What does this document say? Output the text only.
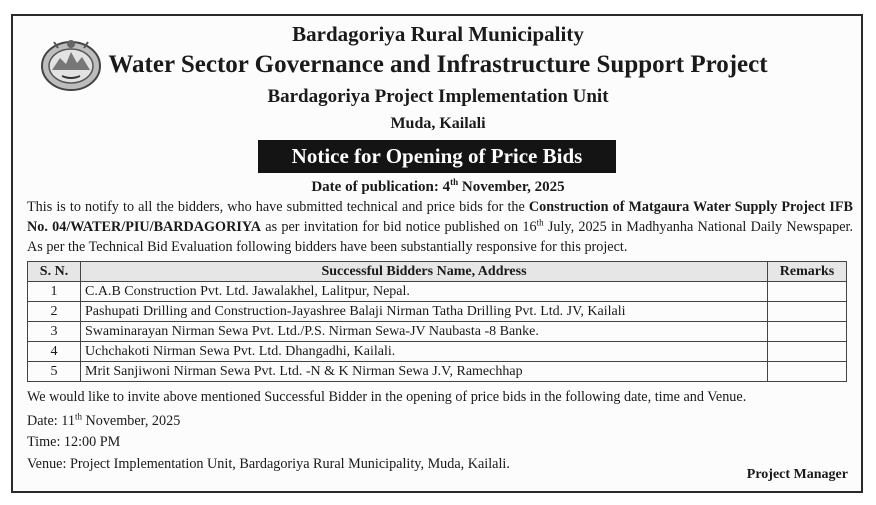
Bardagoriya Rural Municipality
Water Sector Governance and Infrastructure Support Project
Bardagoriya Project Implementation Unit
Muda, Kailali
Notice for Opening of Price Bids
Date of publication: 4th November, 2025
This is to notify to all the bidders, who have submitted technical and price bids for the Construction of Matgaura Water Supply Project IFB No. 04/WATER/PIU/BARDAGORIYA as per invitation for bid notice published on 16th July, 2025 in Madhyanha National Daily Newspaper. As per the Technical Bid Evaluation following bidders have been substantially responsive for this project.
S. N.	Successful Bidders Name, Address	Remarks
1	C.A.B Construction Pvt. Ltd. Jawalakhel, Lalitpur, Nepal.	
2	Pashupati Drilling and Construction-Jayashree Balaji Nirman Tatha Drilling Pvt. Ltd. JV, Kailali	
3	Swaminarayan Nirman Sewa Pvt. Ltd./P.S. Nirman Sewa-JV Naubasta -8 Banke.	
4	Uchchakoti Nirman Sewa Pvt. Ltd. Dhangadhi, Kailali.	
5	Mrit Sanjiwoni Nirman Sewa Pvt. Ltd. -N & K Nirman Sewa J.V, Ramechhap	
We would like to invite above mentioned Successful Bidder in the opening of price bids in the following date, time and Venue.
Date: 11th November, 2025
Time: 12:00 PM
Venue: Project Implementation Unit, Bardagoriya Rural Municipality, Muda, Kailali.
Project Manager
